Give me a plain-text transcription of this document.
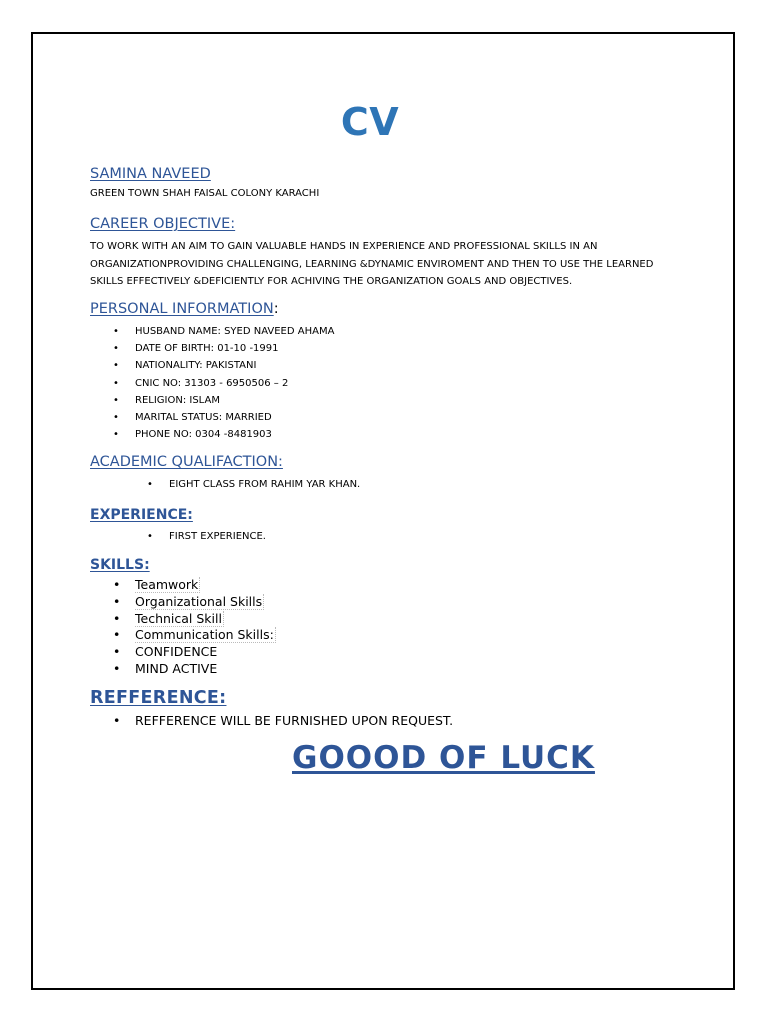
CV
SAMINA NAVEED
GREEN TOWN SHAH FAISAL COLONY KARACHI
CAREER OBJECTIVE:
TO WORK WITH AN AIM TO GAIN VALUABLE HANDS IN EXPERIENCE AND PROFESSIONAL SKILLS IN AN
ORGANIZATIONPROVIDING CHALLENGING, LEARNING &DYNAMIC ENVIROMENT AND THEN TO USE THE LEARNED
SKILLS EFFECTIVELY &DEFICIENTLY FOR ACHIVING THE ORGANIZATION GOALS AND OBJECTIVES.
PERSONAL INFORMATION:
• HUSBAND NAME: SYED NAVEED AHAMA
• DATE OF BIRTH: 01-10 -1991
• NATIONALITY: PAKISTANI
• CNIC NO: 31303 - 6950506 – 2
• RELIGION: ISLAM
• MARITAL STATUS: MARRIED
• PHONE NO: 0304 -8481903
ACADEMIC QUALIFACTION:
• EIGHT CLASS FROM RAHIM YAR KHAN.
EXPERIENCE:
• FIRST EXPERIENCE.
SKILLS:
• Teamwork
• Organizational Skills
• Technical Skill
• Communication Skills:
• CONFIDENCE
• MIND ACTIVE
REFFERENCE:
• REFFERENCE WILL BE FURNISHED UPON REQUEST.
GOOOD OF LUCK
